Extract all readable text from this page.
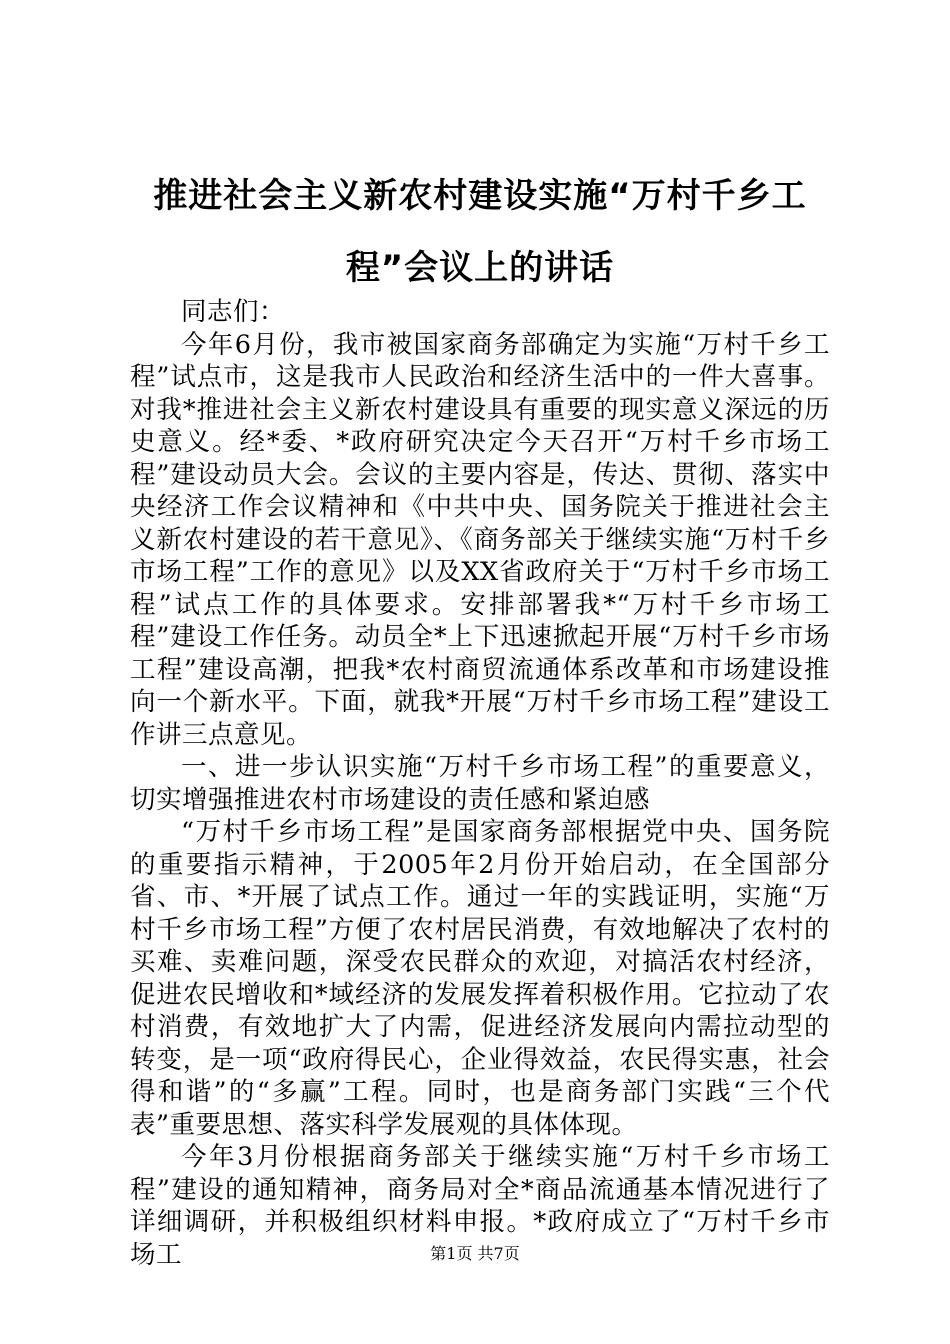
推进社会主义新农村建设实施“万村千乡工程”会议上的讲话

同志们：

今年6月份，我市被国家商务部确定为实施“万村千乡工程”试点市，这是我市人民政治和经济生活中的一件大喜事。对我*推进社会主义新农村建设具有重要的现实意义深远的历史意义。经*委、*政府研究决定今天召开“万村千乡市场工程”建设动员大会。会议的主要内容是，传达、贯彻、落实中央经济工作会议精神和《中共中央、国务院关于推进社会主义新农村建设的若干意见》、《商务部关于继续实施“万村千乡市场工程”工作的意见》以及XX省政府关于“万村千乡市场工程”试点工作的具体要求。安排部署我*“万村千乡市场工程”建设工作任务。动员全*上下迅速掀起开展“万村千乡市场工程”建设高潮，把我*农村商贸流通体系改革和市场建设推向一个新水平。下面，就我*开展“万村千乡市场工程”建设工作讲三点意见。

一、进一步认识实施“万村千乡市场工程”的重要意义，切实增强推进农村市场建设的责任感和紧迫感

“万村千乡市场工程”是国家商务部根据党中央、国务院的重要指示精神，于2005年2月份开始启动，在全国部分省、市、*开展了试点工作。通过一年的实践证明，实施“万村千乡市场工程”方便了农村居民消费，有效地解决了农村的买难、卖难问题，深受农民群众的欢迎，对搞活农村经济，促进农民增收和*域经济的发展发挥着积极作用。它拉动了农村消费，有效地扩大了内需，促进经济发展向内需拉动型的转变，是一项“政府得民心，企业得效益，农民得实惠，社会得和谐”的“多赢”工程。同时，也是商务部门实践“三个代表”重要思想、落实科学发展观的具体体现。

今年3月份根据商务部关于继续实施“万村千乡市场工程”建设的通知精神，商务局对全*商品流通基本情况进行了详细调研，并积极组织材料申报。*政府成立了“万村千乡市场工	第1页 共7页
